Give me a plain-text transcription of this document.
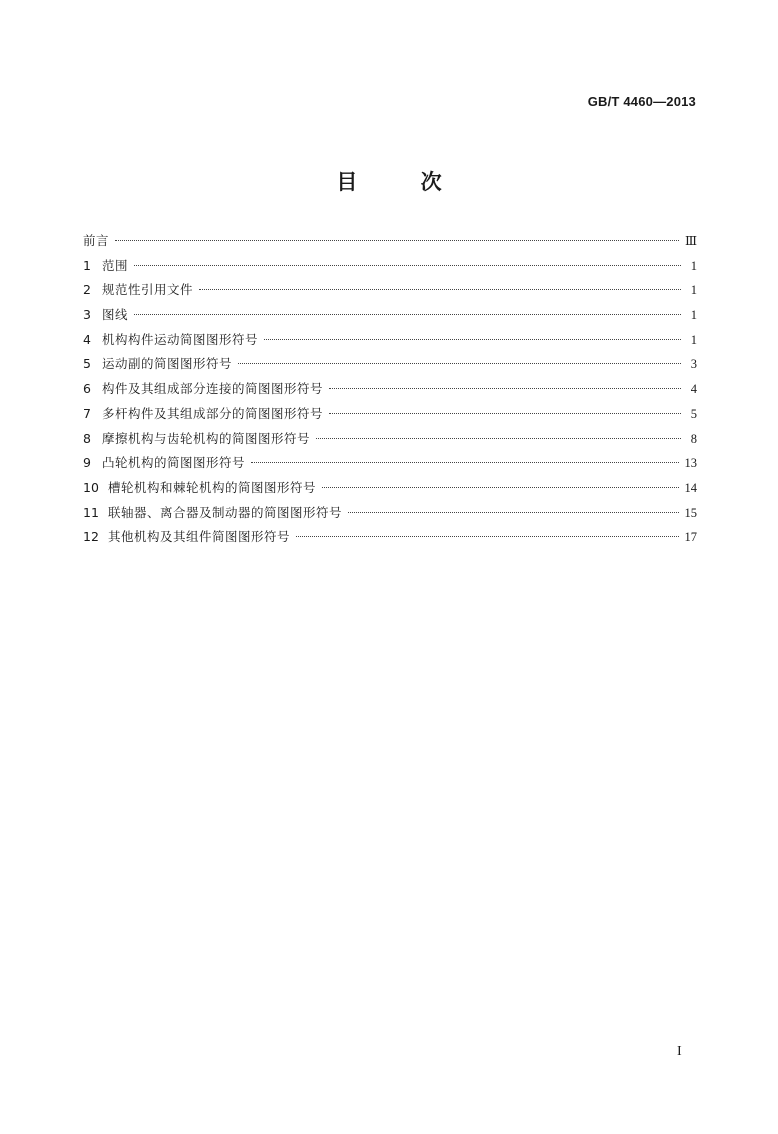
GB/T 4460—2013
目 次
前言	Ⅲ
1 范围	1
2 规范性引用文件	1
3 图线	1
4 机构构件运动简图图形符号	1
5 运动副的简图图形符号	3
6 构件及其组成部分连接的简图图形符号	4
7 多杆构件及其组成部分的简图图形符号	5
8 摩擦机构与齿轮机构的简图图形符号	8
9 凸轮机构的简图图形符号	13
10 槽轮机构和棘轮机构的简图图形符号	14
11 联轴器、离合器及制动器的简图图形符号	15
12 其他机构及其组件简图图形符号	17
I
